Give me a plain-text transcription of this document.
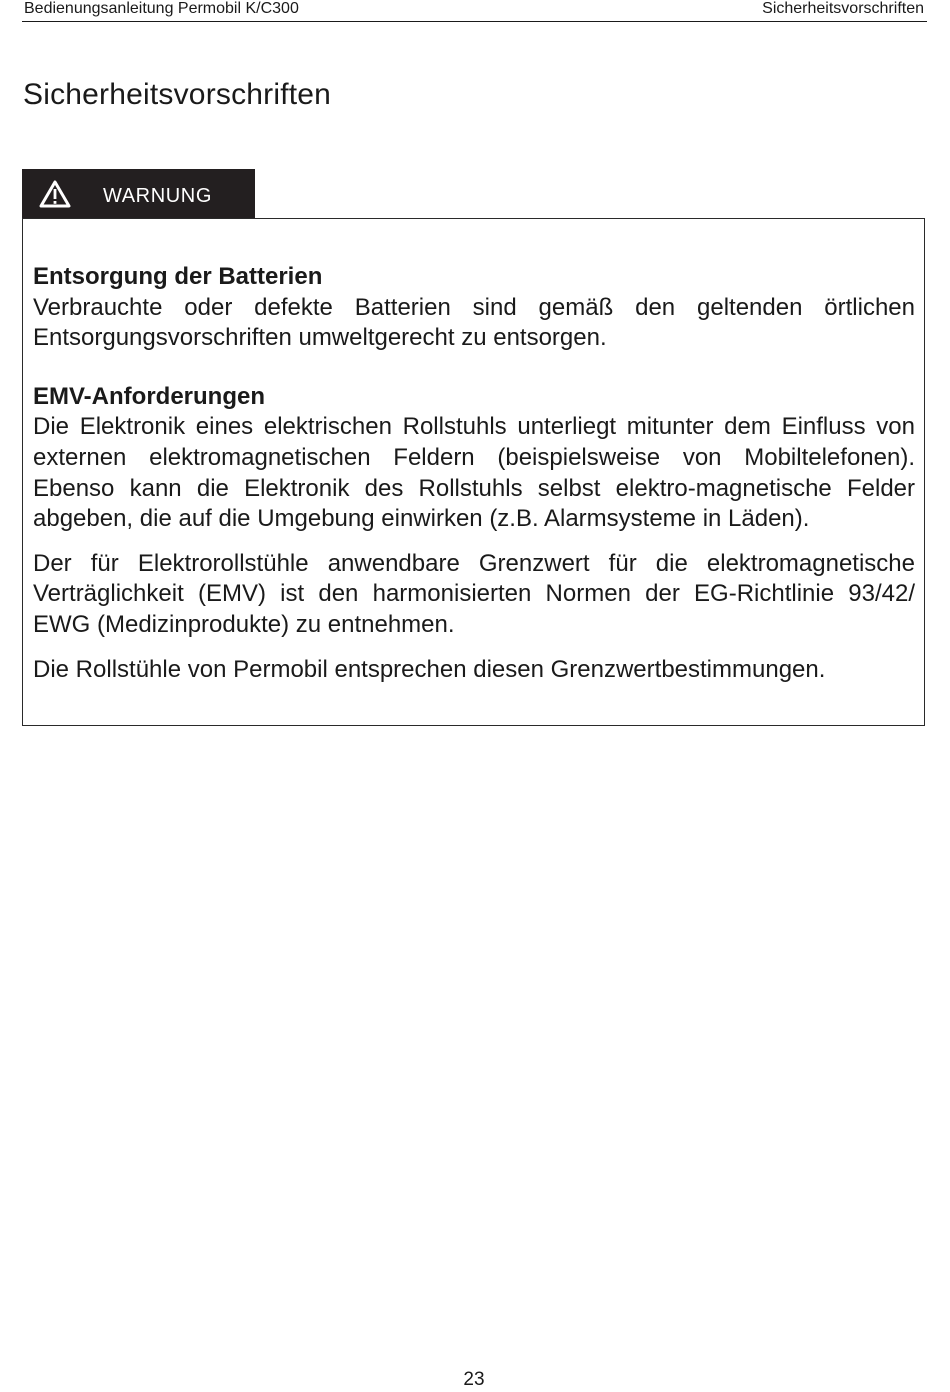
Bedienungsanleitung Permobil K/C300	Sicherheitsvorschriften
Sicherheitsvorschriften
WARNUNG
Entsorgung der Batterien

Verbrauchte oder defekte Batterien sind gemäß den geltenden örtlichen Entsorgungsvorschriften umweltgerecht zu entsorgen.

EMV-Anforderungen

Die Elektronik eines elektrischen Rollstuhls unterliegt mitunter dem Einfluss von externen elektromagnetischen Feldern (beispielsweise von Mobiltelefonen). Ebenso kann die Elektronik des Rollstuhls selbst elektro-magnetische Felder abgeben, die auf die Umgebung einwirken (z.B. Alarmsysteme in Läden).

Der für Elektrorollstühle anwendbare Grenzwert für die elektromagnetische Verträglichkeit (EMV) ist den harmonisierten Normen der EG-Richtlinie 93/42/ EWG (Medizinprodukte) zu entnehmen.

Die Rollstühle von Permobil entsprechen diesen Grenzwertbestimmungen.

23
